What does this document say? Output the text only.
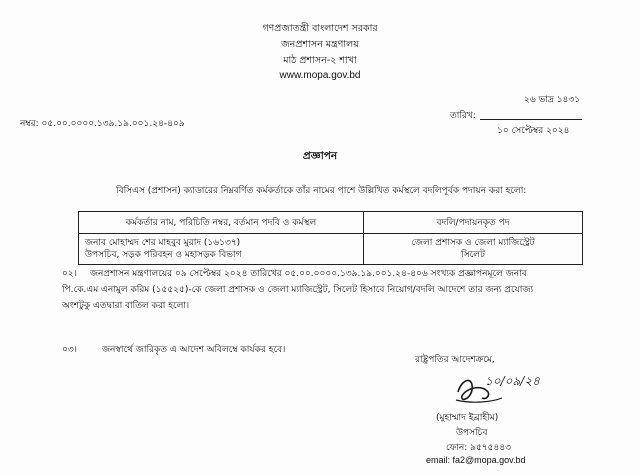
গণপ্রজাতন্ত্রী বাংলাদেশ সরকার
জনপ্রশাসন মন্ত্রণালয়
মাঠ প্রশাসন-২ শাখা
www.mopa.gov.bd
২৬ ভাদ্র ১৪৩১
তারিখ:
নম্বর: ০৫.০০.০০০০.১৩৯.১৯.০০১.২৪-৪০৯
১০ সেপ্টেম্বর ২০২৪
প্রজ্ঞাপন
বিসিএস (প্রশাসন) ক্যাডারের নিম্নবর্ণিত কর্মকর্তাকে তাঁর নামের পাশে উল্লিখিত কর্মস্থলে বদলিপূর্বক পদায়ন করা হলো:
কর্মকর্তার নাম, পরিচিতি নম্বর, বর্তমান পদবি ও কর্মস্থল	বদলি/পদায়নকৃত পদ

জনাব মোহাম্মদ শের মাহবুব মুরাদ (১৬১৩৭)
উপসচিব, সড়ক পরিবহন ও মহাসড়ক বিভাগ	জেলা প্রশাসক ও জেলা ম্যাজিস্ট্রেট
সিলেট
০২। জনপ্রশাসন মন্ত্রণালয়ের ০৯ সেপ্টেম্বর ২০২৪ তারিখের ০৫.০০.০০০০.১৩৯.১৯.০০১.২৪-৪০৬ সংখ্যক প্রজ্ঞাপনমূলে জনাব
পি.কে.এম এনামুল করিম (১৫৫২৫)-কে জেলা প্রশাসক ও জেলা ম্যাজিস্ট্রেট, সিলেট হিসাবে নিয়োগ/বদলি আদেশে তার জন্য প্রযোজ্য
অংশটুকু এতদ্বারা বাতিল করা হলো।
০৩।	জনস্বার্থে জারিকৃত এ আদেশ অবিলম্বে কার্যকর হবে।
রাষ্ট্রপতির আদেশক্রমে,
১০/০৯/২৪
(মুহাম্মাদ ইব্রাহীম)
উপসচিব
ফোন: ৯৫৭৫৪৪৩
email: fa2@mopa.gov.bd
